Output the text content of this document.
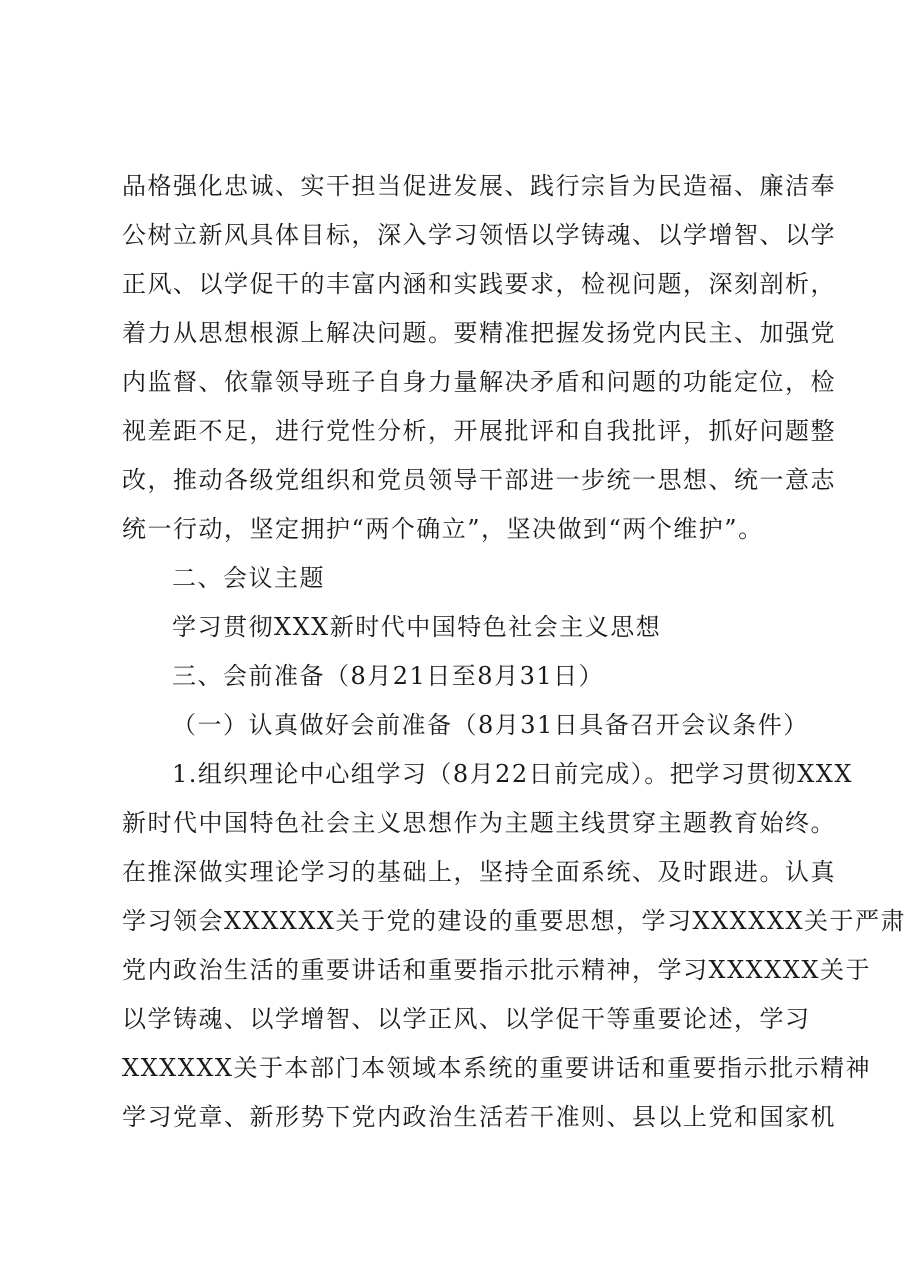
品格强化忠诚、实干担当促进发展、践行宗旨为民造福、廉洁奉
公树立新风具体目标，深入学习领悟以学铸魂、以学增智、以学
正风、以学促干的丰富内涵和实践要求，检视问题，深刻剖析，
着力从思想根源上解决问题。要精准把握发扬党内民主、加强党
内监督、依靠领导班子自身力量解决矛盾和问题的功能定位，检
视差距不足，进行党性分析，开展批评和自我批评，抓好问题整
改，推动各级党组织和党员领导干部进一步统一思想、统一意志
统一行动，坚定拥护“两个确立”，坚决做到“两个维护”。
二、会议主题
学习贯彻XXX新时代中国特色社会主义思想
三、会前准备（8月21日至8月31日）
（一）认真做好会前准备（8月31日具备召开会议条件）
1.组织理论中心组学习（8月22日前完成）。把学习贯彻XXX
新时代中国特色社会主义思想作为主题主线贯穿主题教育始终。
在推深做实理论学习的基础上，坚持全面系统、及时跟进。认真
学习领会XXXXXX关于党的建设的重要思想，学习XXXXXX关于严肃
党内政治生活的重要讲话和重要指示批示精神，学习XXXXXX关于
以学铸魂、以学增智、以学正风、以学促干等重要论述，学习
XXXXXX关于本部门本领域本系统的重要讲话和重要指示批示精神
学习党章、新形势下党内政治生活若干准则、县以上党和国家机
